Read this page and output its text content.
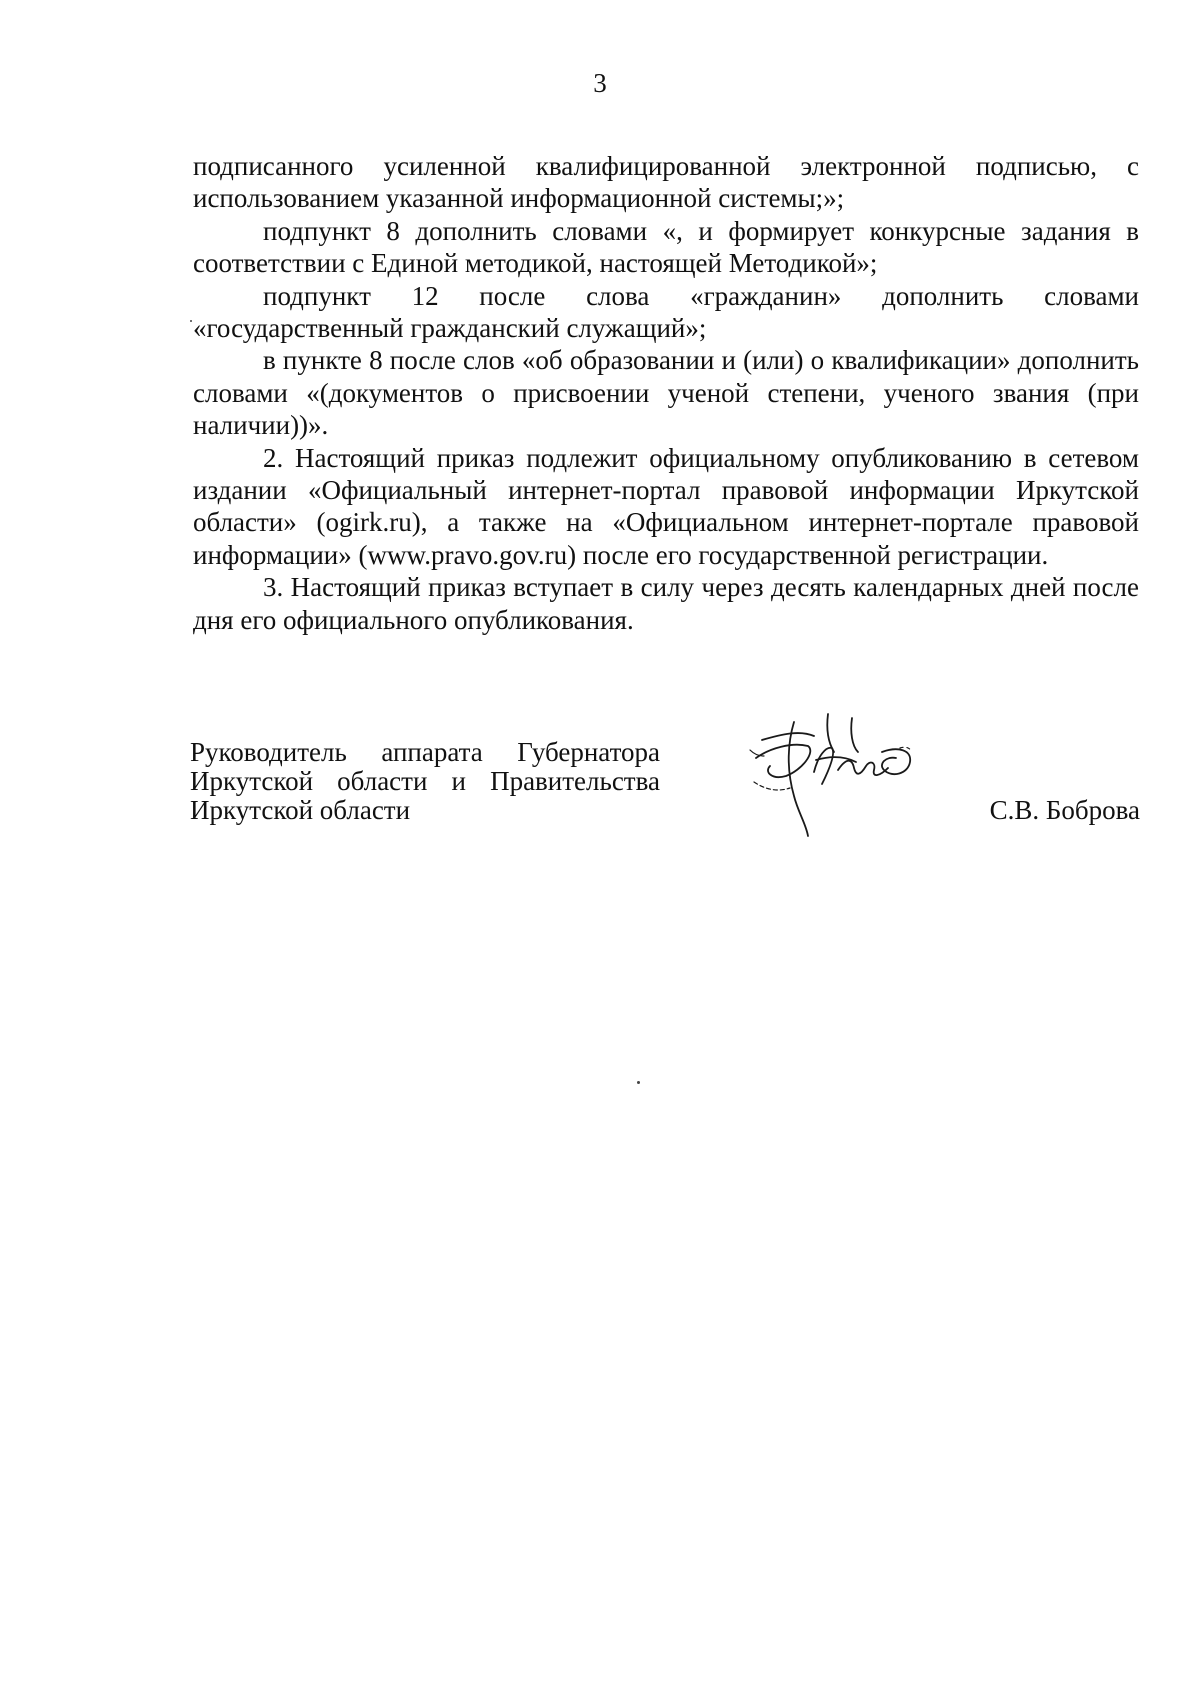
3

подписанного усиленной квалифицированной электронной подписью, с использованием указанной информационной системы;»;

подпункт 8 дополнить словами «, и формирует конкурсные задания в соответствии с Единой методикой, настоящей Методикой»;

подпункт 12 после слова «гражданин» дополнить словами «государственный гражданский служащий»;

в пункте 8 после слов «об образовании и (или) о квалификации» дополнить словами «(документов о присвоении ученой степени, ученого звания (при наличии))».

2. Настоящий приказ подлежит официальному опубликованию в сетевом издании «Официальный интернет-портал правовой информации Иркутской области» (ogirk.ru), а также на «Официальном интернет-портале правовой информации» (www.pravo.gov.ru) после его государственной регистрации.

3. Настоящий приказ вступает в силу через десять календарных дней после дня его официального опубликования.

Руководитель аппарата Губернатора
Иркутской области и Правительства
Иркутской области	С.В. Боброва
